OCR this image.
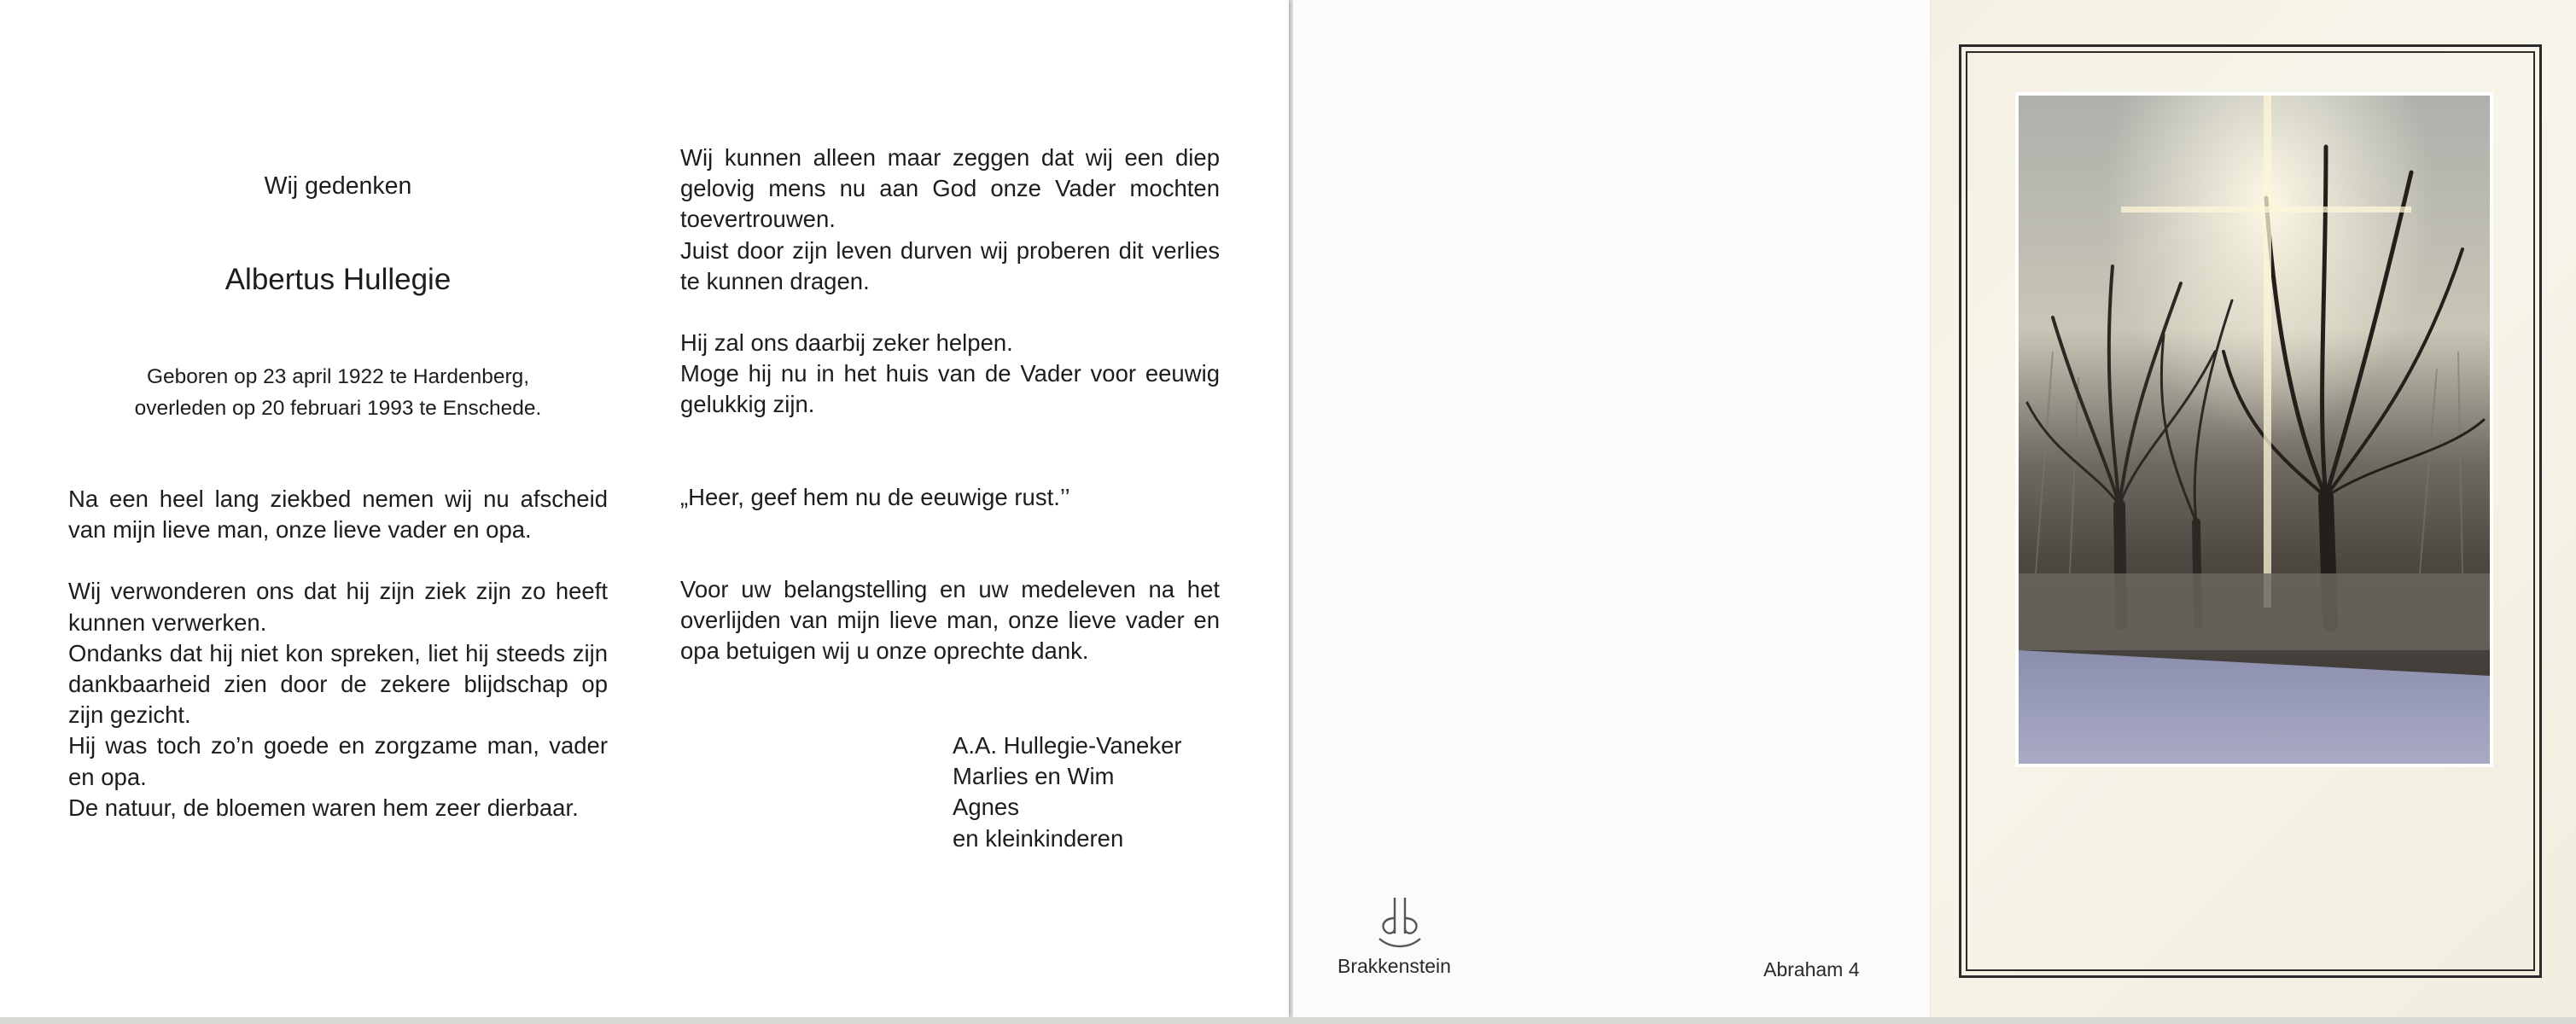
Wij gedenken
Albertus Hullegie
Geboren op 23 april 1922 te Hardenberg,
overleden op 20 februari 1993 te Enschede.

Na een heel lang ziekbed nemen wij nu afscheid van mijn lieve man, onze lieve vader en opa.

Wij verwonderen ons dat hij zijn ziek zijn zo heeft kunnen verwerken.

Ondanks dat hij niet kon spreken, liet hij steeds zijn dankbaarheid zien door de zekere blijdschap op zijn gezicht.

Hij was toch zo’n goede en zorgzame man, vader en opa.

De natuur, de bloemen waren hem zeer dierbaar.

Wij kunnen alleen maar zeggen dat wij een diep gelovig mens nu aan God onze Vader mochten toevertrouwen.

Juist door zijn leven durven wij proberen dit verlies te kunnen dragen.

Hij zal ons daarbij zeker helpen.

Moge hij nu in het huis van de Vader voor eeuwig gelukkig zijn.

„Heer, geef hem nu de eeuwige rust.’’

Voor uw belangstelling en uw medeleven na het overlijden van mijn lieve man, onze lieve vader en opa betuigen wij u onze oprechte dank.

A.A. Hullegie-Vaneker
Marlies en Wim
Agnes
en kleinkinderen
Brakkenstein	Abraham 4
